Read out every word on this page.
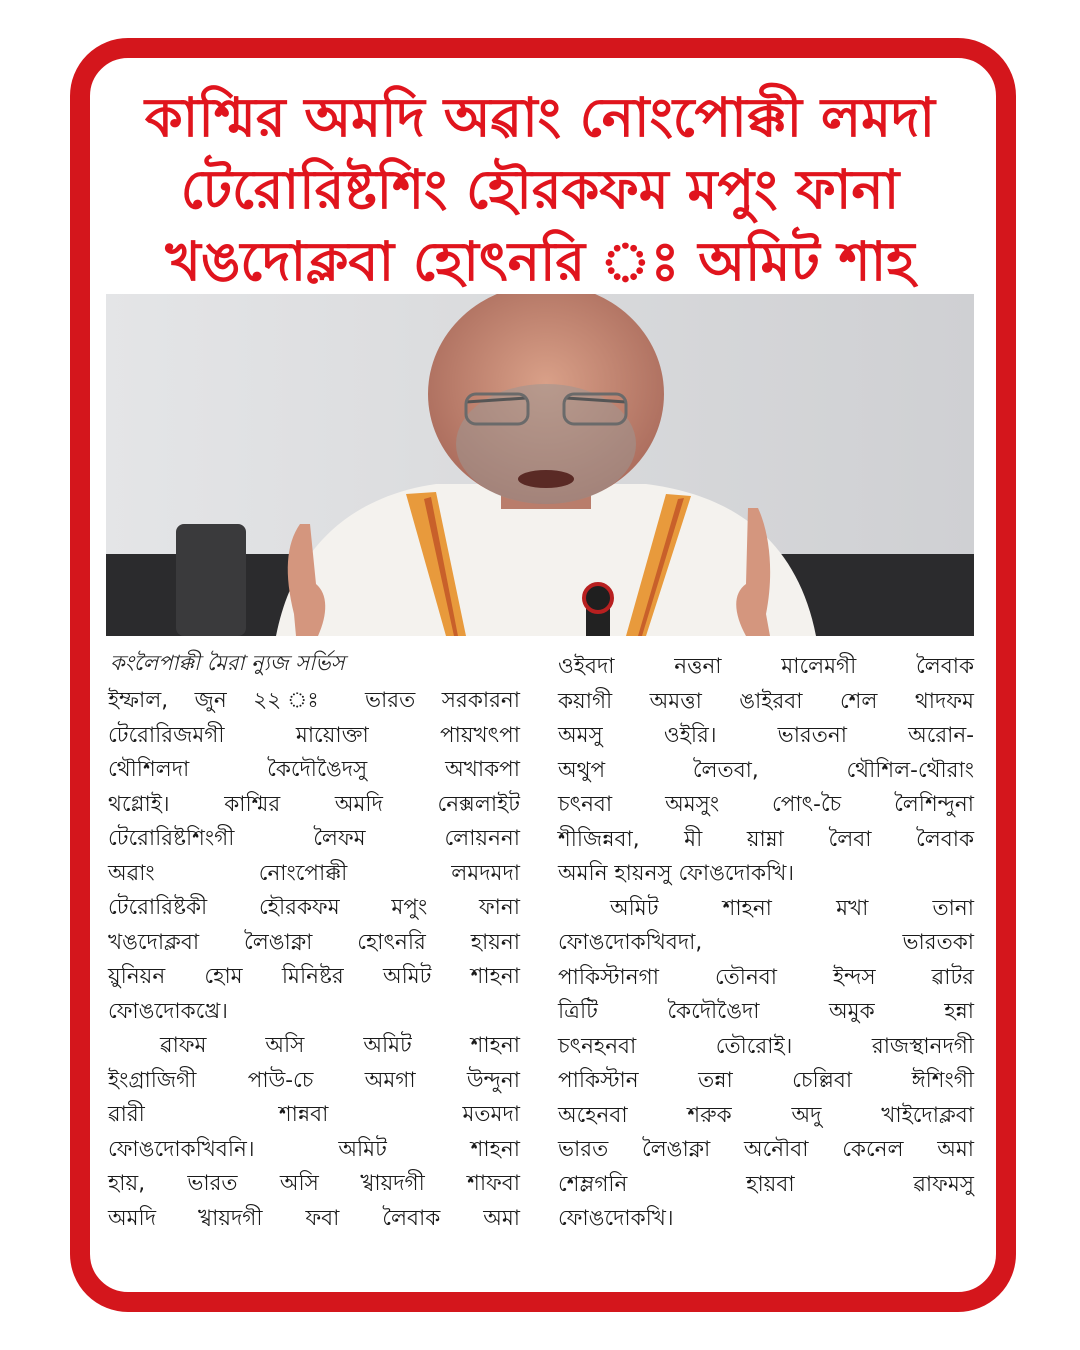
কাশ্মির অমদি অৱাং নোংপোক্কী লমদা
টেরোরিষ্টশিং হৌরকফম মপুং ফানা
খঙদোক্লবা হোৎনরি ঃ অমিট শাহ
কংলৈপাক্কী মৈরা ন্যুজ সর্ভিস
ইম্ফাল, জুন ২২ ঃ ভারত সরকারনা
টেরোরিজমগী মায়োক্তা পায়খৎপা
থৌশিলদা কৈদৌঙৈদসু অখাকপা
থগ্লোই। কাশ্মির অমদি নেক্সলাইট
টেরোরিষ্টশিংগী লৈফম লোয়ননা
অৱাং নোংপোক্কী লমদমদা
টেরোরিষ্টকী হৌরকফম মপুং ফানা
খঙদোক্লবা লৈঙাক্না হোৎনরি হায়না
য়ুনিয়ন হোম মিনিষ্টর অমিট শাহনা
ফোঙদোকখ্রে।
ৱাফম অসি অমিট শাহনা
ইংগ্রাজিগী পাউ-চে অমগা উন্দুনা
ৱারী শান্নবা মতমদা
ফোঙদোকখিবনি। অমিট শাহনা
হায়, ভারত অসি খ্বায়দগী শাফবা
অমদি খ্বায়দগী ফবা লৈবাক অমা
ওইবদা নত্তনা মালেমগী লৈবাক
কয়াগী অমত্তা ঙাইরবা শেল থাদফম
অমসু ওইরি। ভারতনা অরোন-
অথুপ লৈতবা, থৌশিল-থৌরাং
চৎনবা অমসুং পোৎ-চৈ লৈশিন্দুনা
শীজিন্নবা, মী য়াম্না লৈবা লৈবাক
অমনি হায়নসু ফোঙদোকখি।
অমিট শাহনা মখা তানা
ফোঙদোকখিবদা, ভারতকা
পাকিস্টানগা তৌনবা ইন্দস ৱাটর
ত্রিটি কৈদৌঙৈদা অমুক হন্না
চৎনহনবা তৌরোই। রাজস্থানদগী
পাকিস্টান তন্না চেল্লিবা ঈশিংগী
অহেনবা শরুক অদু খাইদোক্লবা
ভারত লৈঙাক্না অনৌবা কেনেল অমা
শেম্লগনি হায়বা ৱাফমসু
ফোঙদোকখি।
